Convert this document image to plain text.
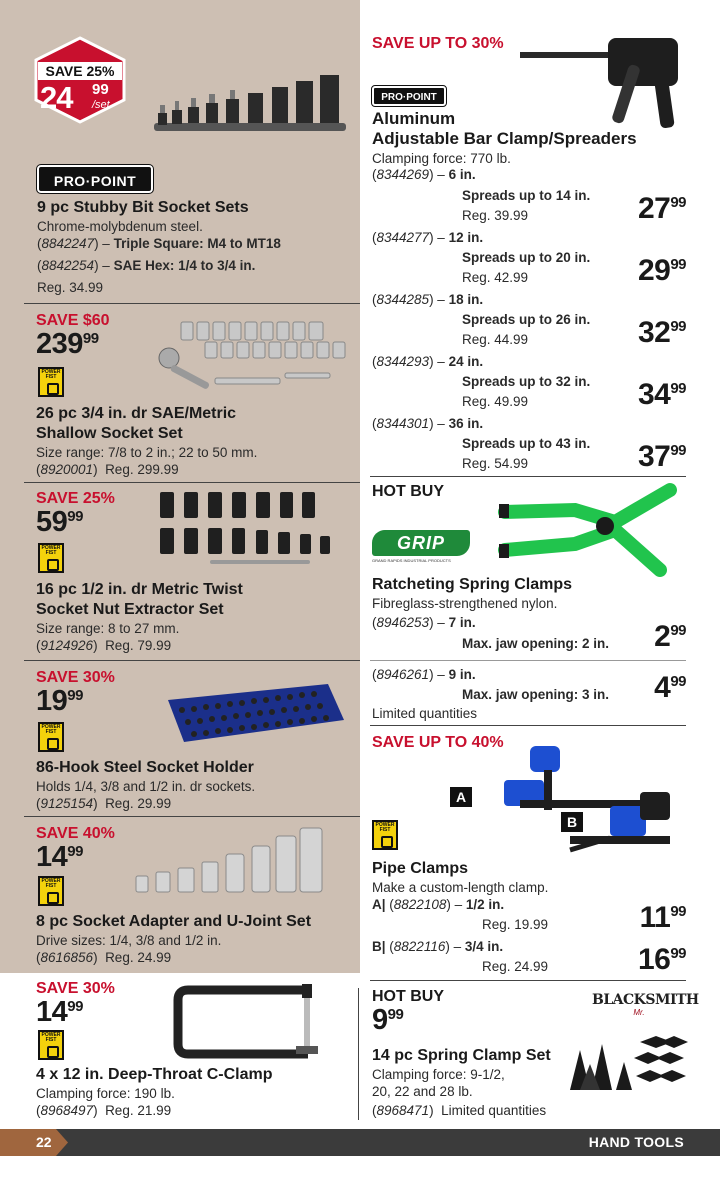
SAVE 25%
24 99
/set
PRO·POINT
9 pc Stubby Bit Socket Sets
Chrome-molybdenum steel.
(8842247) – Triple Square: M4 to MT18
(8842254) – SAE Hex: 1/4 to 3/4 in.
Reg. 34.99
SAVE $60
$239^{99}$
POWER FIST
26 pc 3/4 in. dr SAE/Metric
Shallow Socket Set
Size range: 7/8 to 2 in.; 22 to 50 mm.
(8920001)  Reg. 299.99
SAVE 25%
$59^{99}$
POWER FIST
16 pc 1/2 in. dr Metric Twist
Socket Nut Extractor Set
Size range: 8 to 27 mm.
(9124926)  Reg. 79.99
SAVE 30%
$19^{99}$
POWER FIST
86-Hook Steel Socket Holder
Holds 1/4, 3/8 and 1/2 in. dr sockets.
(9125154)  Reg. 29.99
SAVE 40%
$14^{99}$
POWER FIST
8 pc Socket Adapter and U-Joint Set
Drive sizes: 1/4, 3/8 and 1/2 in.
(8616856)  Reg. 24.99
SAVE 30%
$14^{99}$
POWER FIST
4 x 12 in. Deep-Throat C-Clamp
Clamping force: 190 lb.
(8968497)  Reg. 21.99
SAVE UP TO 30%
PRO·POINT
Aluminum
Adjustable Bar Clamp/Spreaders
Clamping force: 770 lb.
(8344269) – 6 in.
Spreads up to 14 in.
Reg. 39.99	$27^{99}$
(8344277) – 12 in.
Spreads up to 20 in.
Reg. 42.99	$29^{99}$
(8344285) – 18 in.
Spreads up to 26 in.
Reg. 44.99	$32^{99}$
(8344293) – 24 in.
Spreads up to 32 in.
Reg. 49.99	$34^{99}$
(8344301) – 36 in.
Spreads up to 43 in.
Reg. 54.99	$37^{99}$
HOT BUY
GRIP
GRAND RAPIDS INDUSTRIAL PRODUCTS
Ratcheting Spring Clamps
Fibreglass-strengthened nylon.
(8946253) – 7 in.
Max. jaw opening: 2 in.	$2^{99}$
(8946261) – 9 in.
Max. jaw opening: 3 in.	$4^{99}$
Limited quantities
SAVE UP TO 40%
A
B
POWER FIST
Pipe Clamps
Make a custom-length clamp.
A| (8822108) – 1/2 in.
Reg. 19.99	$11^{99}$
B| (8822116) – 3/4 in.
Reg. 24.99	$16^{99}$
HOT BUY
$9^{99}$
BLACKSMITH
Mr.
14 pc Spring Clamp Set
Clamping force: 9-1/2,
20, 22 and 28 lb.
(8968471)  Limited quantities
22	HAND TOOLS
